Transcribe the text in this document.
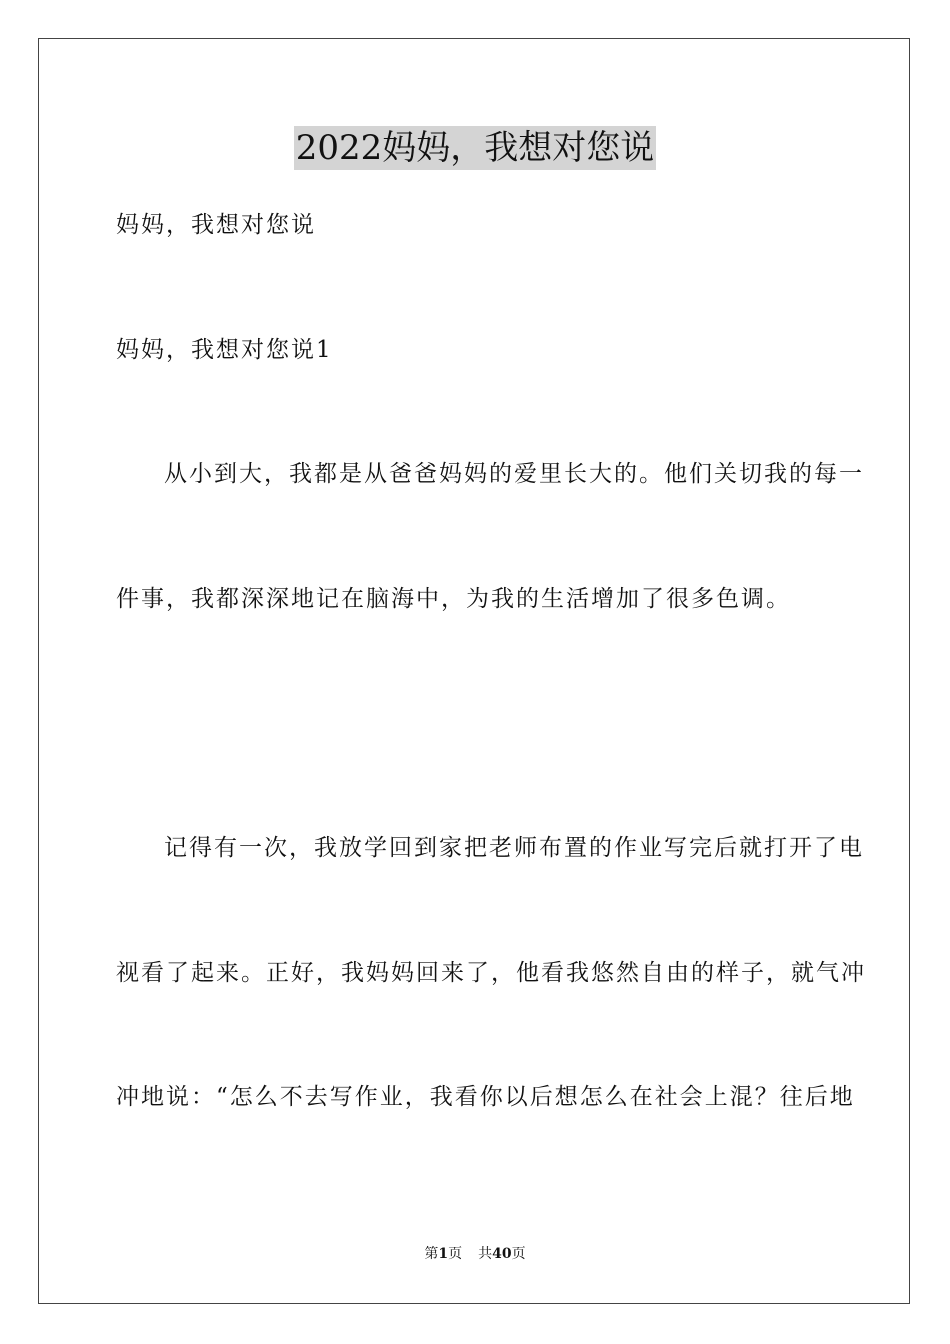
2022妈妈，我想对您说
妈妈，我想对您说
妈妈，我想对您说1
从小到大，我都是从爸爸妈妈的爱里长大的。他们关切我的每一
件事，我都深深地记在脑海中，为我的生活增加了很多色调。
记得有一次，我放学回到家把老师布置的作业写完后就打开了电
视看了起来。正好，我妈妈回来了，他看我悠然自由的样子，就气冲
冲地说：“怎么不去写作业，我看你以后想怎么在社会上混？往后地
第1页 共40页
